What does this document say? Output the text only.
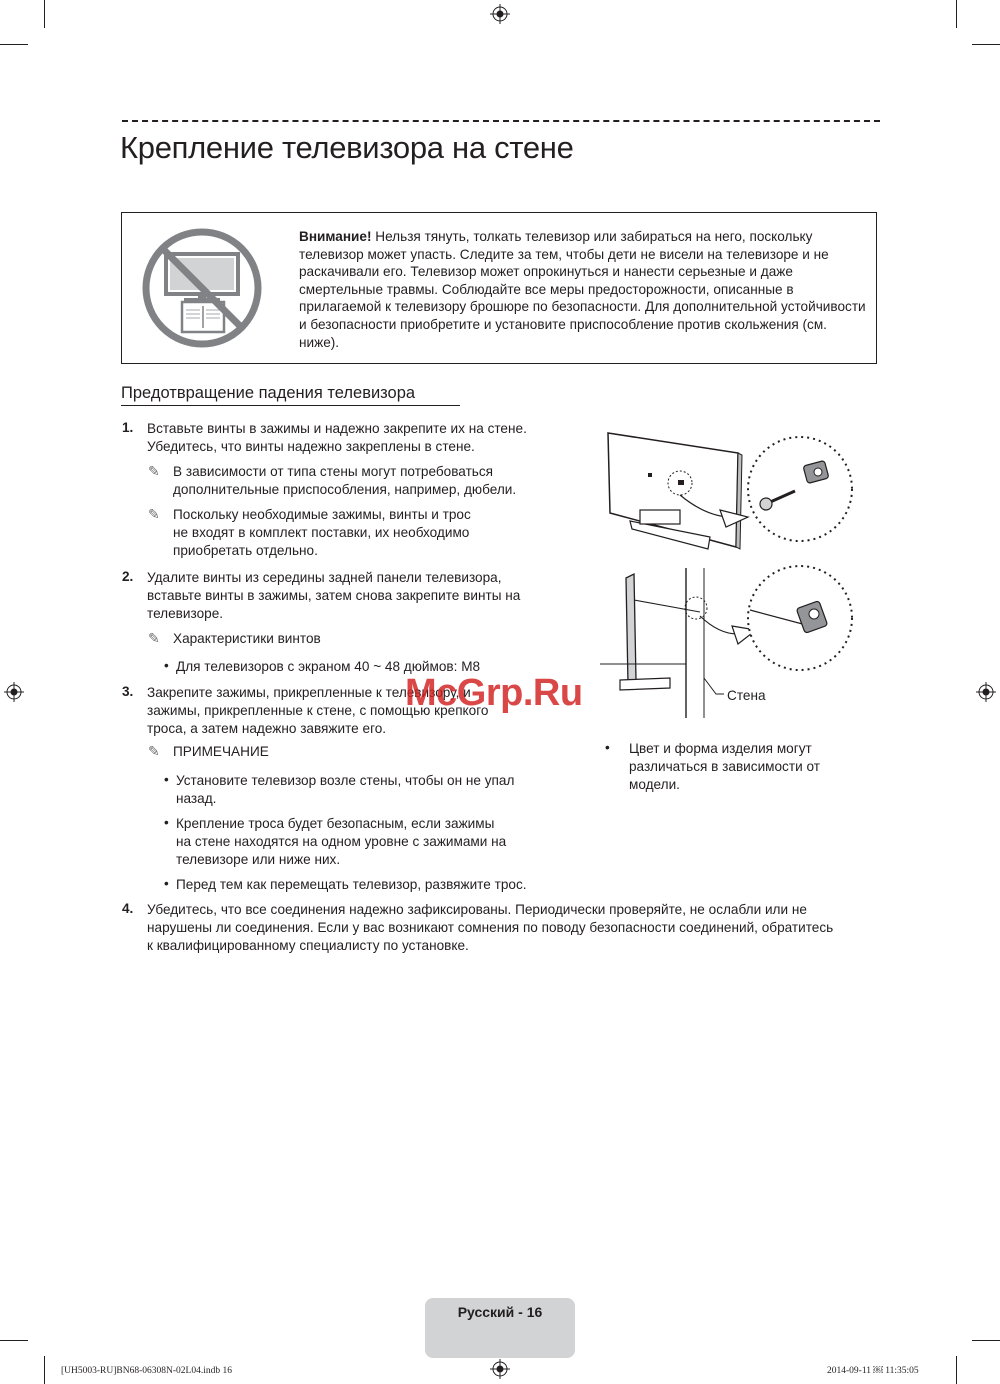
Крепление телевизора на стене
Внимание! Нельзя тянуть, толкать телевизор или забираться на него, поскольку телевизор может упасть. Следите за тем, чтобы дети не висели на телевизоре и не раскачивали его. Телевизор может опрокинуться и нанести серьезные и даже смертельные травмы. Соблюдайте все меры предосторожности, описанные в прилагаемой к телевизору брошюре по безопасности. Для дополнительной устойчивости и безопасности приобретите и установите приспособление против скольжения (см. ниже).
Предотвращение падения телевизора
1. Вставьте винты в зажимы и надежно закрепите их на стене.
Убедитесь, что винты надежно закреплены в стене.
✎ В зависимости от типа стены могут потребоваться
дополнительные приспособления, например, дюбели.
✎ Поскольку необходимые зажимы, винты и трос
не входят в комплект поставки, их необходимо
приобретать отдельно.
2. Удалите винты из середины задней панели телевизора,
вставьте винты в зажимы, затем снова закрепите винты на
телевизоре.
✎ Характеристики винтов
• Для телевизоров с экраном 40 ~ 48 дюймов: M8
3. Закрепите зажимы, прикрепленные к телевизору, и
зажимы, прикрепленные к стене, с помощью крепкого
троса, а затем надежно завяжите его.
✎ ПРИМЕЧАНИЕ
• Установите телевизор возле стены, чтобы он не упал
назад.
• Крепление троса будет безопасным, если зажимы
на стене находятся на одном уровне с зажимами на
телевизоре или ниже них.
• Перед тем как перемещать телевизор, развяжите трос.
4. Убедитесь, что все соединения надежно зафиксированы. Периодически проверяйте, не ослабли или не
нарушены ли соединения. Если у вас возникают сомнения по поводу безопасности соединений, обратитесь
к квалифицированному специалисту по установке.
Стена
• Цвет и форма изделия могут
различаться в зависимости от
модели.
McGrp.Ru
Русский - 16
[UH5003-RU]BN68-06308N-02L04.indb 16	2014-09-11 ￼ 11:35:05
